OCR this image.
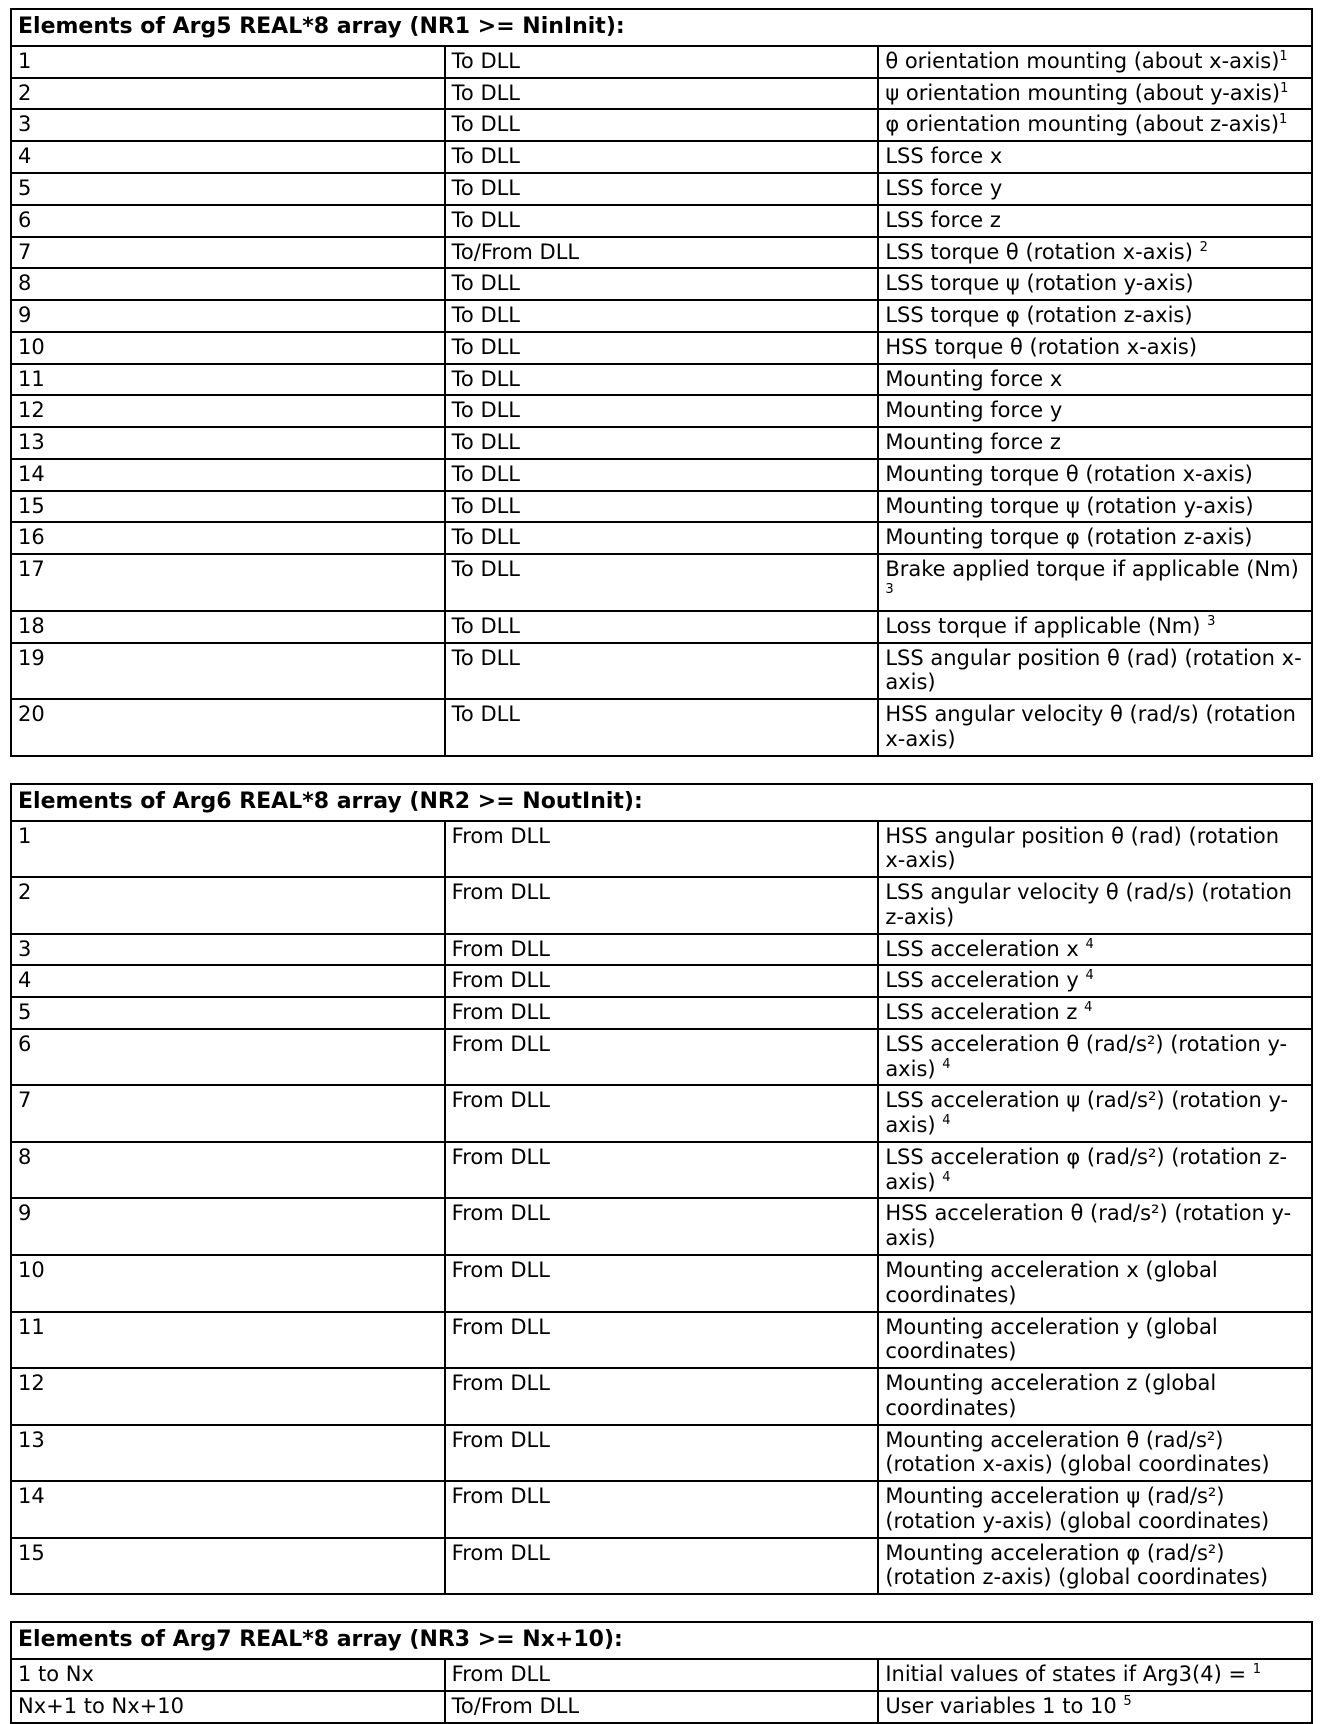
Elements of Arg5 REAL*8 array (NR1 >= NinInit):		
1	To DLL	θ orientation mounting (about x-axis)$^1$
2	To DLL	ψ orientation mounting (about y-axis)$^1$
3	To DLL	φ orientation mounting (about z-axis)$^1$
4	To DLL	LSS force x
5	To DLL	LSS force y
6	To DLL	LSS force z
7	To/From DLL	LSS torque θ (rotation x-axis) $^2$
8	To DLL	LSS torque ψ (rotation y-axis)
9	To DLL	LSS torque φ (rotation z-axis)
10	To DLL	HSS torque θ (rotation x-axis)
11	To DLL	Mounting force x
12	To DLL	Mounting force y
13	To DLL	Mounting force z
14	To DLL	Mounting torque θ (rotation x-axis)
15	To DLL	Mounting torque ψ (rotation y-axis)
16	To DLL	Mounting torque φ (rotation z-axis)
17	To DLL	Brake applied torque if applicable (Nm) $^3$
18	To DLL	Loss torque if applicable (Nm) $^3$
19	To DLL	LSS angular position θ (rad) (rotation x-axis)
20	To DLL	HSS angular velocity θ (rad/s) (rotation x-axis)
Elements of Arg6 REAL*8 array (NR2 >= NoutInit):		
1	From DLL	HSS angular position θ (rad) (rotation x-axis)
2	From DLL	LSS angular velocity θ (rad/s) (rotation z-axis)
3	From DLL	LSS acceleration x $^4$
4	From DLL	LSS acceleration y $^4$
5	From DLL	LSS acceleration z $^4$
6	From DLL	LSS acceleration θ (rad/s²) (rotation y-axis) $^4$
7	From DLL	LSS acceleration ψ (rad/s²) (rotation y-axis) $^4$
8	From DLL	LSS acceleration φ (rad/s²) (rotation z-axis) $^4$
9	From DLL	HSS acceleration θ (rad/s²) (rotation y-axis)
10	From DLL	Mounting acceleration x (global coordinates)
11	From DLL	Mounting acceleration y (global coordinates)
12	From DLL	Mounting acceleration z (global coordinates)
13	From DLL	Mounting acceleration θ (rad/s²) (rotation x-axis) (global coordinates)
14	From DLL	Mounting acceleration ψ (rad/s²) (rotation y-axis) (global coordinates)
15	From DLL	Mounting acceleration φ (rad/s²) (rotation z-axis) (global coordinates)
Elements of Arg7 REAL*8 array (NR3 >= Nx+10):		
1 to Nx	From DLL	Initial values of states if Arg3(4) = $^1$
Nx+1 to Nx+10	To/From DLL	User variables 1 to 10 $^5$
